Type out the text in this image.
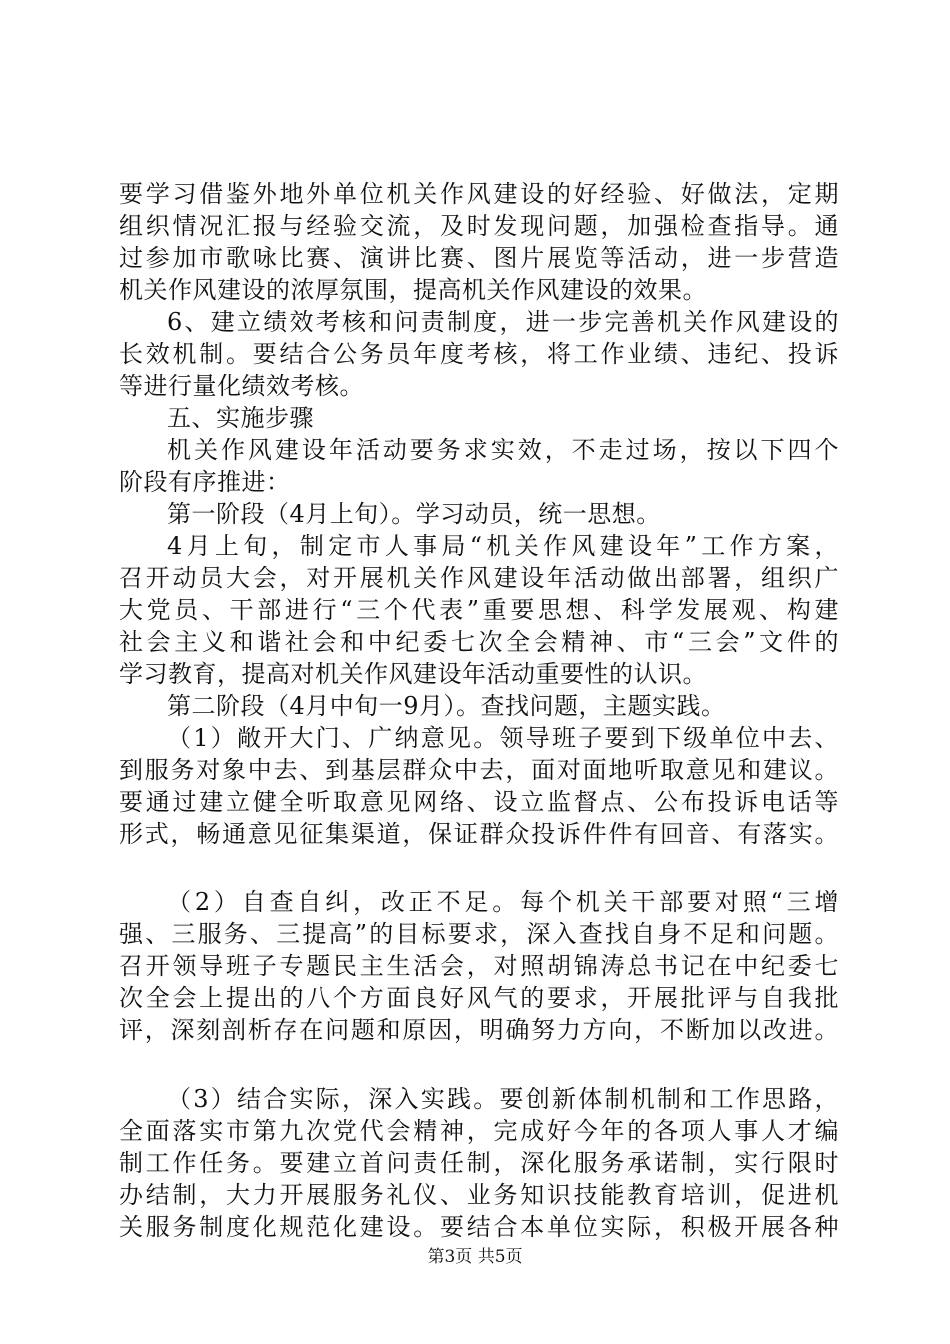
要学习借鉴外地外单位机关作风建设的好经验、好做法，定期
组织情况汇报与经验交流，及时发现问题，加强检查指导。通
过参加市歌咏比赛、演讲比赛、图片展览等活动，进一步营造
机关作风建设的浓厚氛围，提高机关作风建设的效果。
6、建立绩效考核和问责制度，进一步完善机关作风建设的
长效机制。要结合公务员年度考核，将工作业绩、违纪、投诉
等进行量化绩效考核。
五、实施步骤
机关作风建设年活动要务求实效，不走过场，按以下四个
阶段有序推进：
第一阶段（4月上旬）。学习动员，统一思想。
4月上旬，制定市人事局“机关作风建设年”工作方案，
召开动员大会，对开展机关作风建设年活动做出部署，组织广
大党员、干部进行“三个代表”重要思想、科学发展观、构建
社会主义和谐社会和中纪委七次全会精神、市“三会”文件的
学习教育，提高对机关作风建设年活动重要性的认识。
第二阶段（4月中旬一9月）。查找问题，主题实践。
（1）敞开大门、广纳意见。领导班子要到下级单位中去、
到服务对象中去、到基层群众中去，面对面地听取意见和建议。
要通过建立健全听取意见网络、设立监督点、公布投诉电话等
形式，畅通意见征集渠道，保证群众投诉件件有回音、有落实。
（2）自查自纠，改正不足。每个机关干部要对照“三增
强、三服务、三提高”的目标要求，深入查找自身不足和问题。
召开领导班子专题民主生活会，对照胡锦涛总书记在中纪委七
次全会上提出的八个方面良好风气的要求，开展批评与自我批
评，深刻剖析存在问题和原因，明确努力方向，不断加以改进。
（3）结合实际，深入实践。要创新体制机制和工作思路，
全面落实市第九次党代会精神，完成好今年的各项人事人才编
制工作任务。要建立首问责任制，深化服务承诺制，实行限时
办结制，大力开展服务礼仪、业务知识技能教育培训，促进机
关服务制度化规范化建设。要结合本单位实际，积极开展各种
第3页 共5页
